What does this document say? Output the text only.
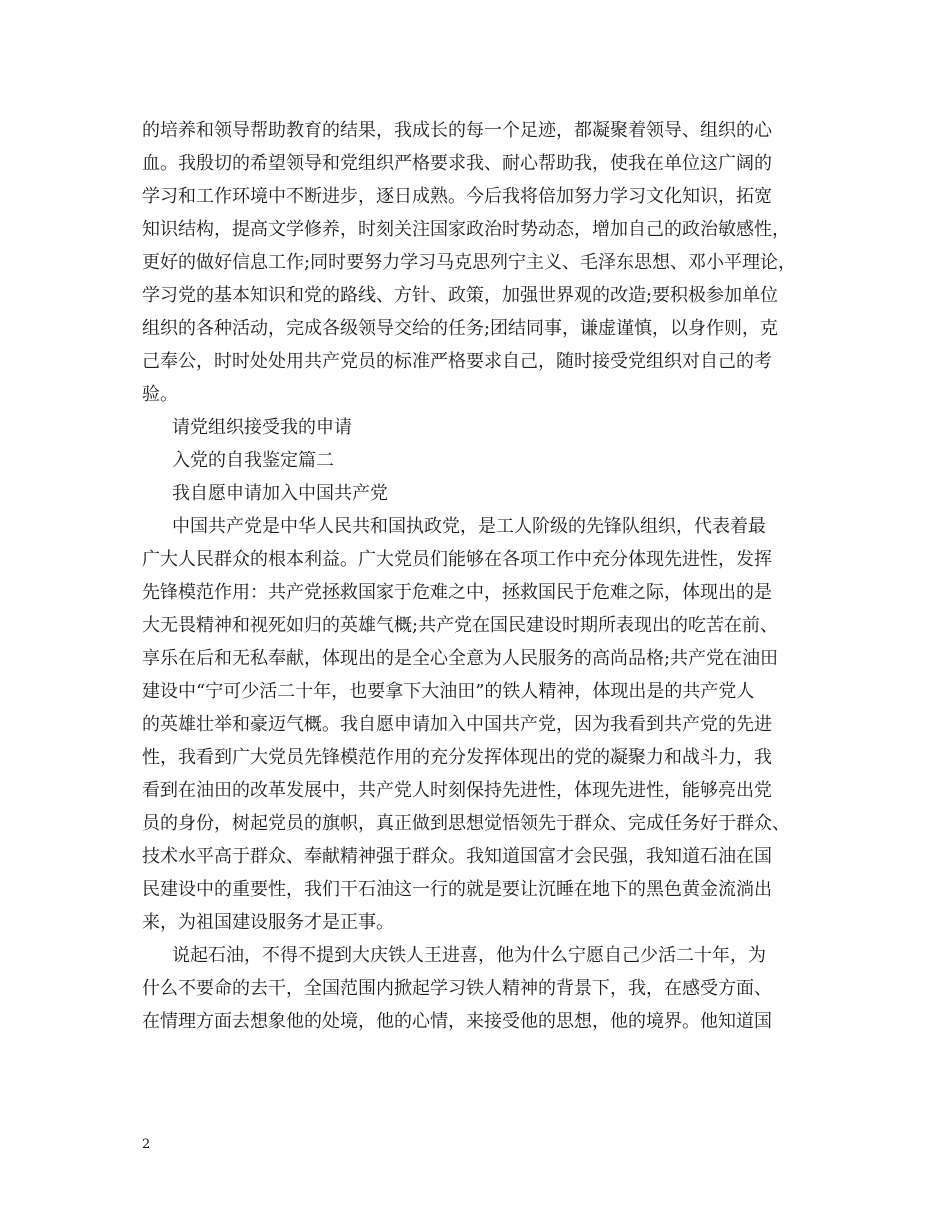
的培养和领导帮助教育的结果，我成长的每一个足迹，都凝聚着领导、组织的心
血。我殷切的希望领导和党组织严格要求我、耐心帮助我，使我在单位这广阔的
学习和工作环境中不断进步，逐日成熟。今后我将倍加努力学习文化知识，拓宽
知识结构，提高文学修养，时刻关注国家政治时势动态，增加自己的政治敏感性，
更好的做好信息工作;同时要努力学习马克思列宁主义、毛泽东思想、邓小平理论，
学习党的基本知识和党的路线、方针、政策，加强世界观的改造;要积极参加单位
组织的各种活动，完成各级领导交给的任务;团结同事，谦虚谨慎，以身作则，克
己奉公，时时处处用共产党员的标准严格要求自己，随时接受党组织对自己的考
验。
请党组织接受我的申请
入党的自我鉴定篇二
我自愿申请加入中国共产党
中国共产党是中华人民共和国执政党，是工人阶级的先锋队组织，代表着最
广大人民群众的根本利益。广大党员们能够在各项工作中充分体现先进性，发挥
先锋模范作用：共产党拯救国家于危难之中，拯救国民于危难之际，体现出的是
大无畏精神和视死如归的英雄气概;共产党在国民建设时期所表现出的吃苦在前、
享乐在后和无私奉献，体现出的是全心全意为人民服务的高尚品格;共产党在油田
建设中“宁可少活二十年，也要拿下大油田”的铁人精神，体现出是的共产党人
的英雄壮举和豪迈气概。我自愿申请加入中国共产党，因为我看到共产党的先进
性，我看到广大党员先锋模范作用的充分发挥体现出的党的凝聚力和战斗力，我
看到在油田的改革发展中，共产党人时刻保持先进性，体现先进性，能够亮出党
员的身份，树起党员的旗帜，真正做到思想觉悟领先于群众、完成任务好于群众、
技术水平高于群众、奉献精神强于群众。我知道国富才会民强，我知道石油在国
民建设中的重要性，我们干石油这一行的就是要让沉睡在地下的黑色黄金流淌出
来，为祖国建设服务才是正事。
说起石油，不得不提到大庆铁人王进喜，他为什么宁愿自己少活二十年，为
什么不要命的去干，全国范围内掀起学习铁人精神的背景下，我，在感受方面、
在情理方面去想象他的处境，他的心情，来接受他的思想，他的境界。他知道国
2
